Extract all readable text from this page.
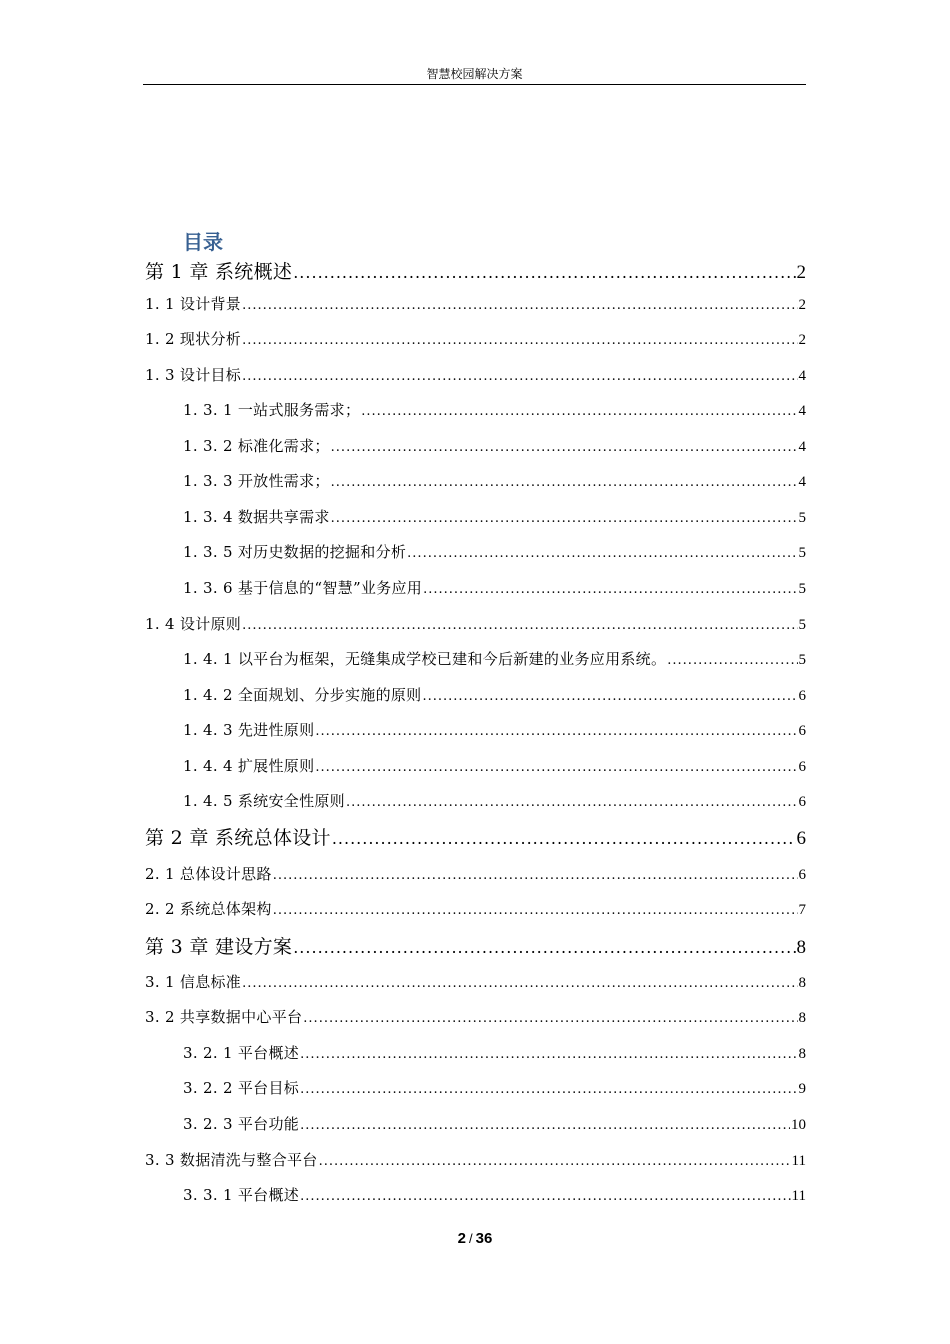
智慧校园解决方案
目录
第 1 章 系统概述 .....	2
1. 1 设计背景 .....	2
1. 2 现状分析 .....	2
1. 3 设计目标 .....	4
1. 3. 1 一站式服务需求； .....	4
1. 3. 2 标准化需求； .....	4
1. 3. 3 开放性需求； .....	4
1. 3. 4 数据共享需求 .....	5
1. 3. 5 对历史数据的挖掘和分析 .....	5
1. 3. 6 基于信息的“智慧”业务应用 .....	5
1. 4 设计原则 .....	5
1. 4. 1 以平台为框架，无缝集成学校已建和今后新建的业务应用系统。 .....	5
1. 4. 2 全面规划、分步实施的原则 .....	6
1. 4. 3 先进性原则 .....	6
1. 4. 4 扩展性原则 .....	6
1. 4. 5 系统安全性原则 .....	6
第 2 章 系统总体设计 .....	6
2. 1 总体设计思路 .....	6
2. 2 系统总体架构 .....	7
第 3 章 建设方案 .....	8
3. 1 信息标准 .....	8
3. 2 共享数据中心平台 .....	8
3. 2. 1 平台概述 .....	8
3. 2. 2 平台目标 .....	9
3. 2. 3 平台功能 .....	10
3. 3 数据清洗与整合平台 .....	11
3. 3. 1 平台概述 .....	11
2 / 36
